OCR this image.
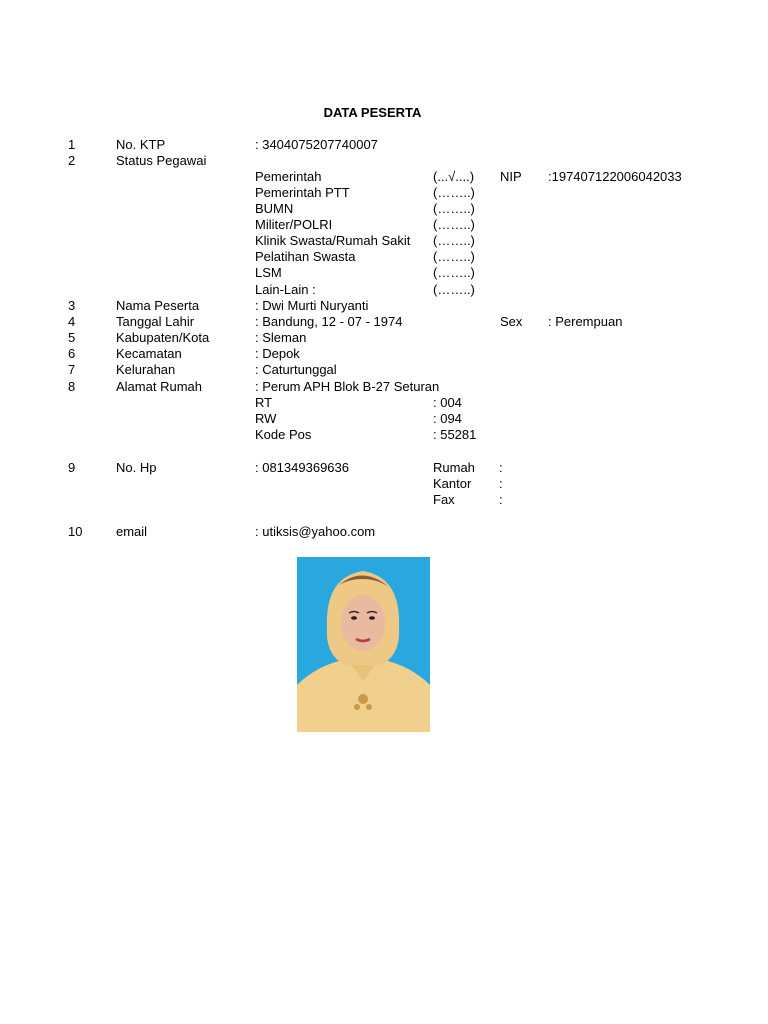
DATA PESERTA
1	No. KTP	: 3404075207740007
2	Status Pegawai
Pemerintah	(...√....) NIP :197407122006042033
Pemerintah PTT	(……..)
BUMN	(……..)
Militer/POLRI	(……..)
Klinik Swasta/Rumah Sakit (……..)
Pelatihan Swasta	(……..)
LSM	(……..)
Lain-Lain :	(……..)
3	Nama Peserta	: Dwi Murti Nuryanti
4	Tanggal Lahir	: Bandung, 12 - 07 - 1974	Sex : Perempuan
5	Kabupaten/Kota	: Sleman
6	Kecamatan	: Depok
7	Kelurahan	: Caturtunggal
8	Alamat Rumah	: Perum APH Blok B-27 Seturan
RT	: 004
RW	: 094
Kode Pos	: 55281
9	No. Hp	: 081349369636	Rumah :
Kantor :
Fax	:
10	email	: utiksis@yahoo.com
